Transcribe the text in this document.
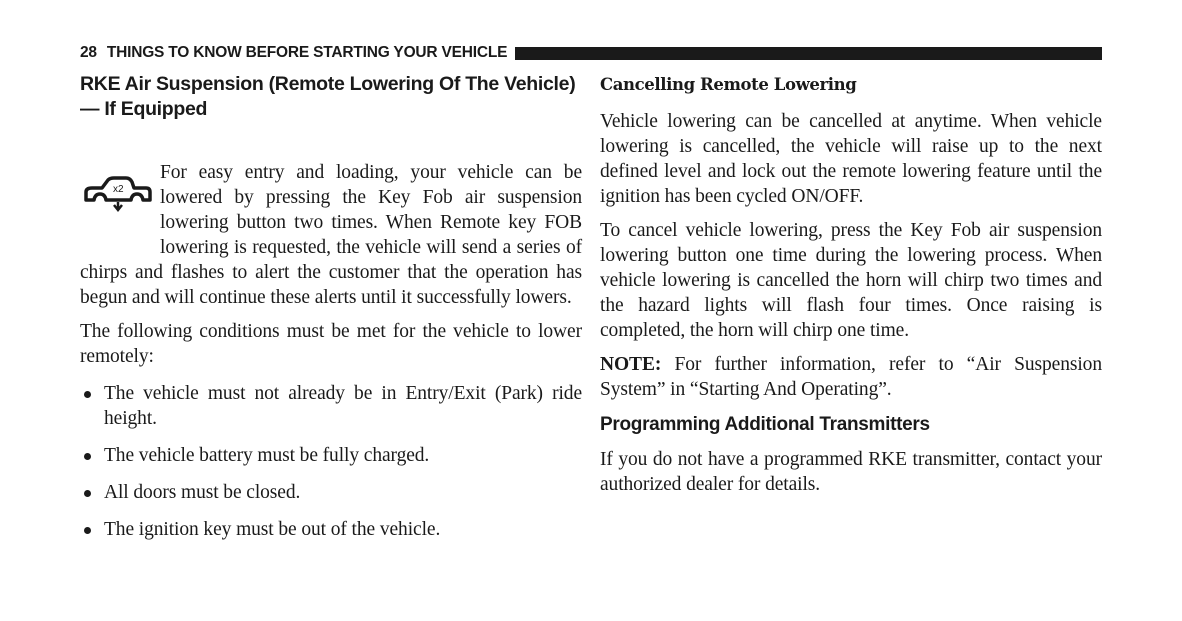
28 THINGS TO KNOW BEFORE STARTING YOUR VEHICLE
RKE Air Suspension (Remote Lowering Of The Vehicle) — If Equipped
x2

For easy entry and loading, your vehicle can be lowered by pressing the Key Fob air suspension lowering button two times. When Remote key FOB lowering is requested, the vehicle will send a series of chirps and flashes to alert the customer that the operation has begun and will continue these alerts until it successfully lowers.

The following conditions must be met for the vehicle to lower remotely:

The vehicle must not already be in Entry/Exit (Park) ride height.
The vehicle battery must be fully charged.
All doors must be closed.
The ignition key must be out of the vehicle.
Cancelling Remote Lowering

Vehicle lowering can be cancelled at anytime. When vehicle lowering is cancelled, the vehicle will raise up to the next defined level and lock out the remote lowering feature until the ignition has been cycled ON/OFF.

To cancel vehicle lowering, press the Key Fob air suspension lowering button one time during the lowering process. When vehicle lowering is cancelled the horn will chirp two times and the hazard lights will flash four times. Once raising is completed, the horn will chirp one time.

NOTE: For further information, refer to “Air Suspension System” in “Starting And Operating”.

Programming Additional Transmitters

If you do not have a programmed RKE transmitter, contact your authorized dealer for details.
